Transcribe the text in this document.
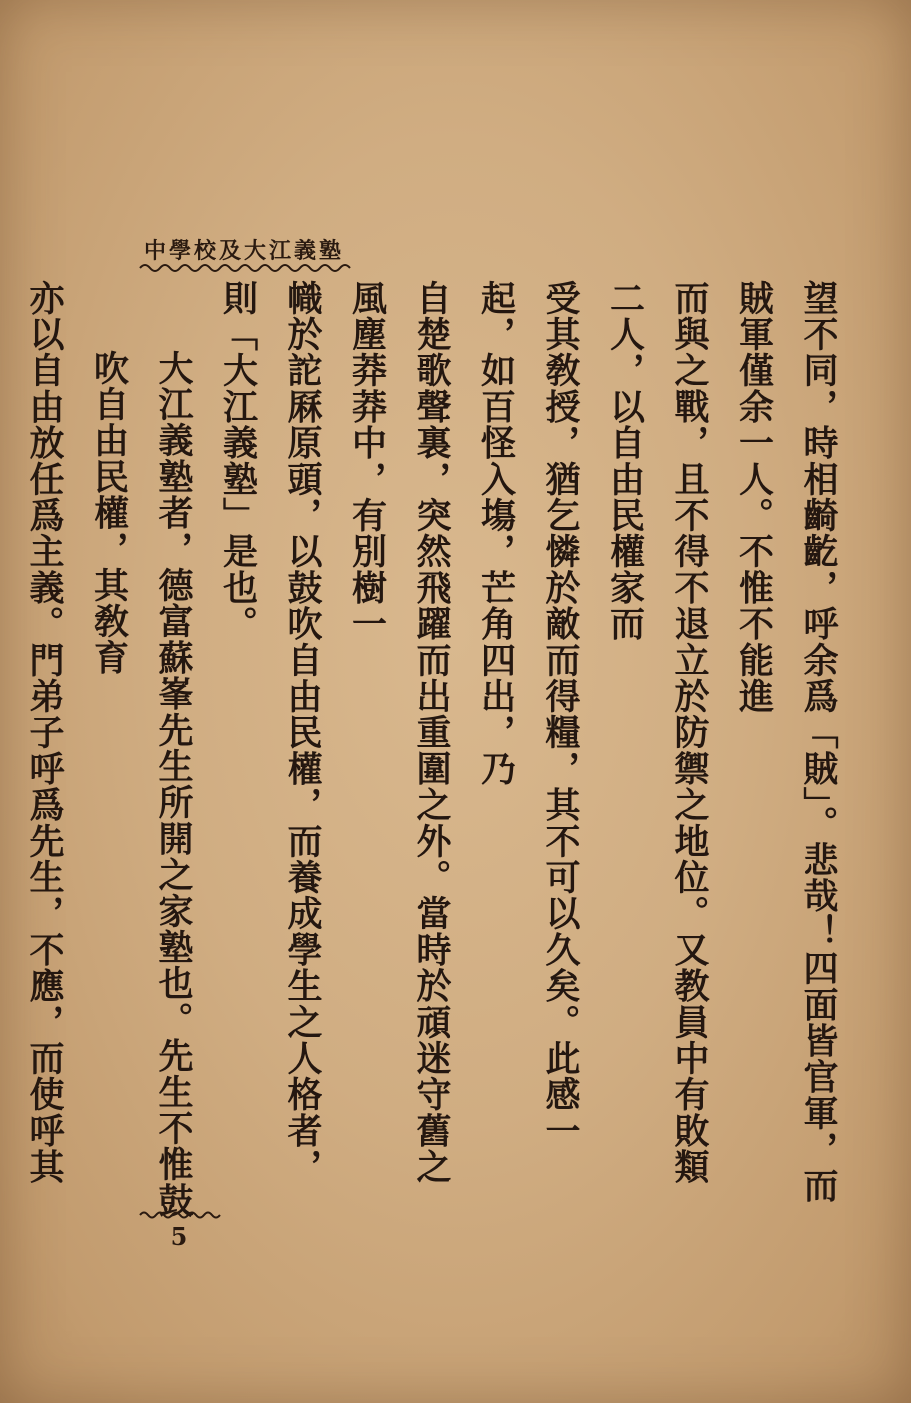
中學校及大江義塾
望不同，時相齮齕，呼余爲「賊」。悲哉！四面皆官軍，而賊軍僅余一人。不惟不能進
而與之戰，且不得不退立於防禦之地位。又教員中有敗類二人，以自由民權家而
受其敎授，猶乞憐於敵而得糧，其不可以久矣。此感一起，如百怪入塲，芒角四出，乃
自楚歌聲裏，突然飛躍而出重圍之外。當時於頑迷守舊之風塵莽莽中，有別樹一
幟於詑厤原頭，以鼓吹自由民權，而養成學生之人格者，則「大江義塾」是也。
大江義塾者，德富蘇峯先生所開之家塾也。先生不惟鼓吹自由民權，其敎育
亦以自由放任爲主義。門弟子呼爲先生，不應，而使呼其
5
